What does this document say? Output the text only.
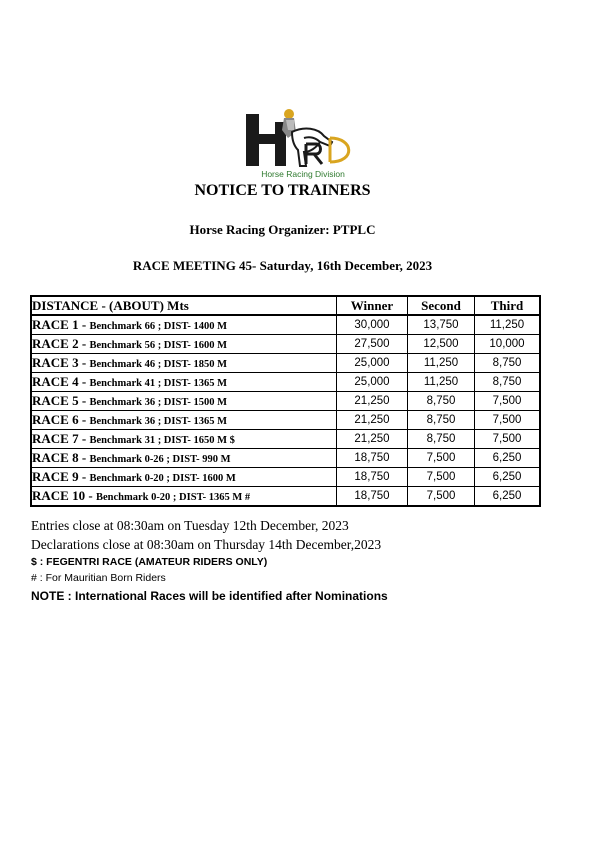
Horse Racing Division
NOTICE TO TRAINERS
Horse Racing Organizer: PTPLC
RACE MEETING 45- Saturday, 16th December, 2023
DISTANCE - (ABOUT) Mts	Winner	Second	Third
RACE 1 - Benchmark 66 ; DIST- 1400 M	30,000	13,750	11,250
RACE 2 - Benchmark 56 ; DIST- 1600 M	27,500	12,500	10,000
RACE 3 - Benchmark 46 ; DIST- 1850 M	25,000	11,250	8,750
RACE 4 - Benchmark 41 ; DIST- 1365 M	25,000	11,250	8,750
RACE 5 - Benchmark 36 ; DIST- 1500 M	21,250	8,750	7,500
RACE 6 - Benchmark 36 ; DIST- 1365 M	21,250	8,750	7,500
RACE 7 - Benchmark 31 ; DIST- 1650 M $	21,250	8,750	7,500
RACE 8 - Benchmark 0-26 ; DIST- 990 M	18,750	7,500	6,250
RACE 9 - Benchmark 0-20 ; DIST- 1600 M	18,750	7,500	6,250
RACE 10 - Benchmark 0-20 ; DIST- 1365 M #	18,750	7,500	6,250
Entries close at 08:30am on Tuesday 12th December, 2023
Declarations close at 08:30am on Thursday 14th December,2023
$ : FEGENTRI RACE (AMATEUR RIDERS ONLY)
# : For Mauritian Born Riders
NOTE : International Races will be identified after Nominations
